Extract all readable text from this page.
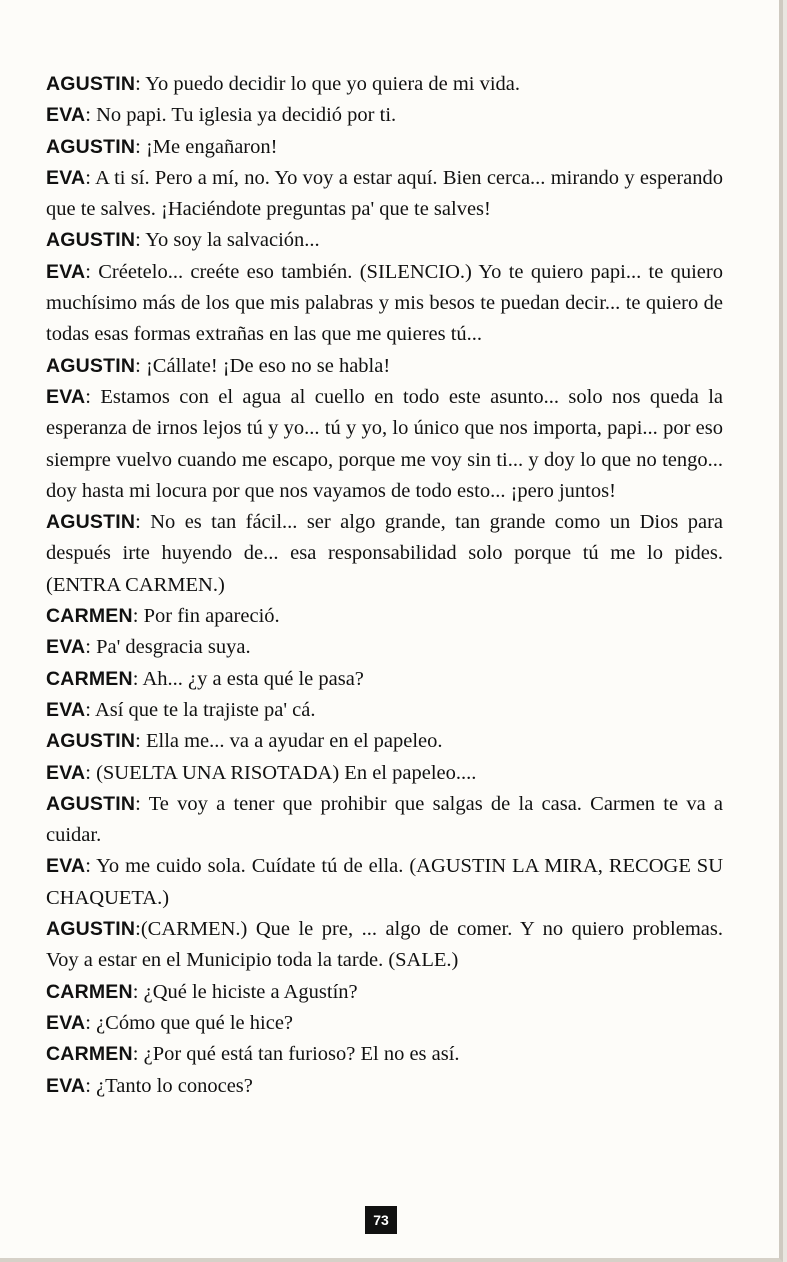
AGUSTIN: Yo puedo decidir lo que yo quiera de mi vida.

EVA: No papi. Tu iglesia ya decidió por ti.

AGUSTIN: ¡Me engañaron!

EVA: A ti sí. Pero a mí, no. Yo voy a estar aquí. Bien cerca... mirando y esperando que te salves. ¡Haciéndote preguntas pa' que te salves!

AGUSTIN: Yo soy la salvación...

EVA: Créetelo... creéte eso también. (SILENCIO.) Yo te quiero papi... te quiero muchísimo más de los que mis palabras y mis besos te puedan decir... te quiero de todas esas formas extrañas en las que me quieres tú...

AGUSTIN: ¡Cállate! ¡De eso no se habla!

EVA: Estamos con el agua al cuello en todo este asunto... solo nos queda la esperanza de irnos lejos tú y yo... tú y yo, lo único que nos importa, papi... por eso siempre vuelvo cuando me escapo, porque me voy sin ti... y doy lo que no tengo... doy hasta mi locura por que nos vayamos de todo esto... ¡pero juntos!

AGUSTIN: No es tan fácil... ser algo grande, tan grande como un Dios para después irte huyendo de... esa responsabilidad solo porque tú me lo pides. (ENTRA CARMEN.)

CARMEN: Por fin apareció.

EVA: Pa' desgracia suya.

CARMEN: Ah... ¿y a esta qué le pasa?

EVA: Así que te la trajiste pa' cá.

AGUSTIN: Ella me... va a ayudar en el papeleo.

EVA: (SUELTA UNA RISOTADA) En el papeleo....

AGUSTIN: Te voy a tener que prohibir que salgas de la casa. Carmen te va a cuidar.

EVA: Yo me cuido sola. Cuídate tú de ella. (AGUSTIN LA MIRA, RECOGE SU CHAQUETA.)

AGUSTIN:(CARMEN.) Que le pre, ... algo de comer. Y no quiero problemas. Voy a estar en el Municipio toda la tarde. (SALE.)

CARMEN: ¿Qué le hiciste a Agustín?

EVA: ¿Cómo que qué le hice?

CARMEN: ¿Por qué está tan furioso? El no es así.

EVA: ¿Tanto lo conoces?

73
